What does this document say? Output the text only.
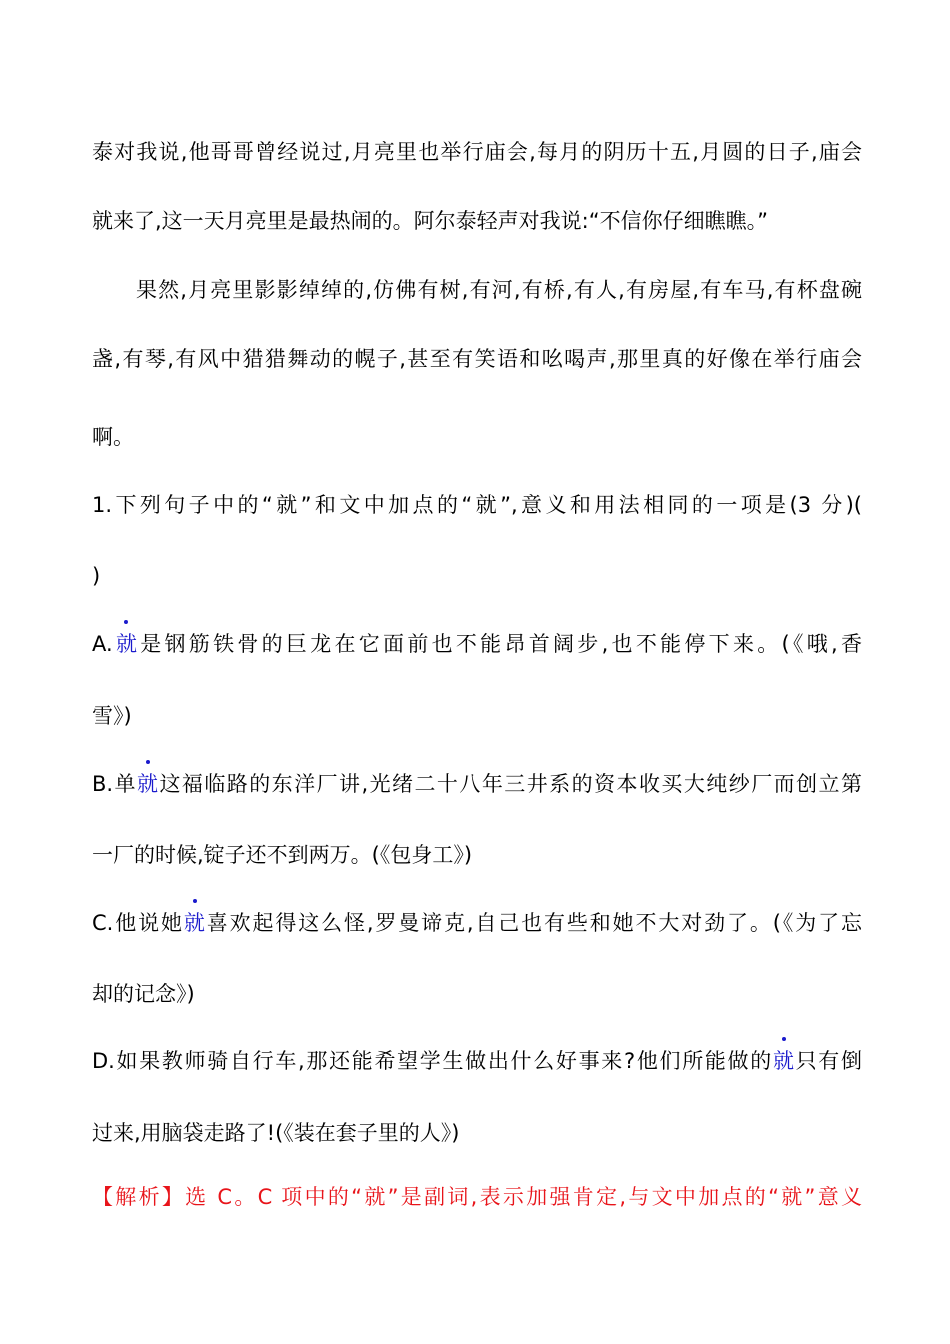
泰对我说,他哥哥曾经说过,月亮里也举行庙会,每月的阴历十五,月圆的日子,庙会
就来了,这一天月亮里是最热闹的。阿尔泰轻声对我说:“不信你仔细瞧瞧。”
果然,月亮里影影绰绰的,仿佛有树,有河,有桥,有人,有房屋,有车马,有杯盘碗
盏,有琴,有风中猎猎舞动的幌子,甚至有笑语和吆喝声,那里真的好像在举行庙会
啊。
1.下列句子中的“就”和文中加点的“就”,意义和用法相同的一项是(3 分)(
)
A.就是钢筋铁骨的巨龙在它面前也不能昂首阔步,也不能停下来。(《哦,香
雪》)
B.单就这福临路的东洋厂讲,光绪二十八年三井系的资本收买大纯纱厂而创立第
一厂的时候,锭子还不到两万。(《包身工》)
C.他说她就喜欢起得这么怪,罗曼谛克,自己也有些和她不大对劲了。(《为了忘
却的记念》)
D.如果教师骑自行车,那还能希望学生做出什么好事来?他们所能做的就只有倒
过来,用脑袋走路了!(《装在套子里的人》)
【解析】选 C。C 项中的“就”是副词,表示加强肯定,与文中加点的“就”意义
